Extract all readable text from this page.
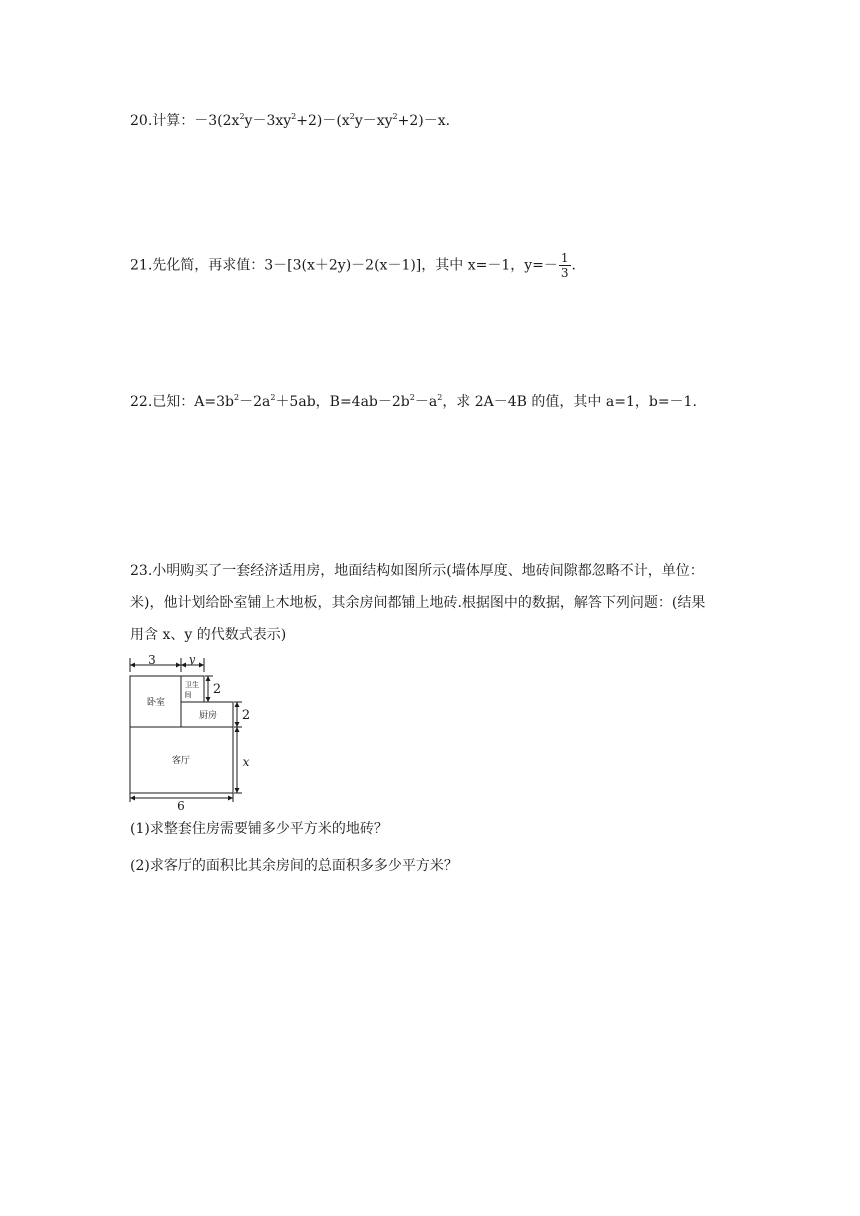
20.计算：$-3(2x^2y-3xy^2+2)-(x^2y-xy^2+2)-x$.
21.先化简，再求值：3－[3(x＋2y)－2(x－1)]，其中 x=－1，$y=- \frac{1}{3}$ .
22.已知：$A=3b^2-2a^2+5ab$，$B=4ab-2b^2-a^2$，求 2A－4B 的值，其中 a=1，b=－1.
23.小明购买了一套经济适用房，地面结构如图所示(墙体厚度、地砖间隙都忽略不计，单位：
米)，他计划给卧室铺上木地板，其余房间都铺上地砖.根据图中的数据，解答下列问题：(结果
用含 x、y 的代数式表示)
3	y
2
2
x
6
卧室
卫生
间
厨房
客厅
(1)求整套住房需要铺多少平方米的地砖？
(2)求客厅的面积比其余房间的总面积多多少平方米？
